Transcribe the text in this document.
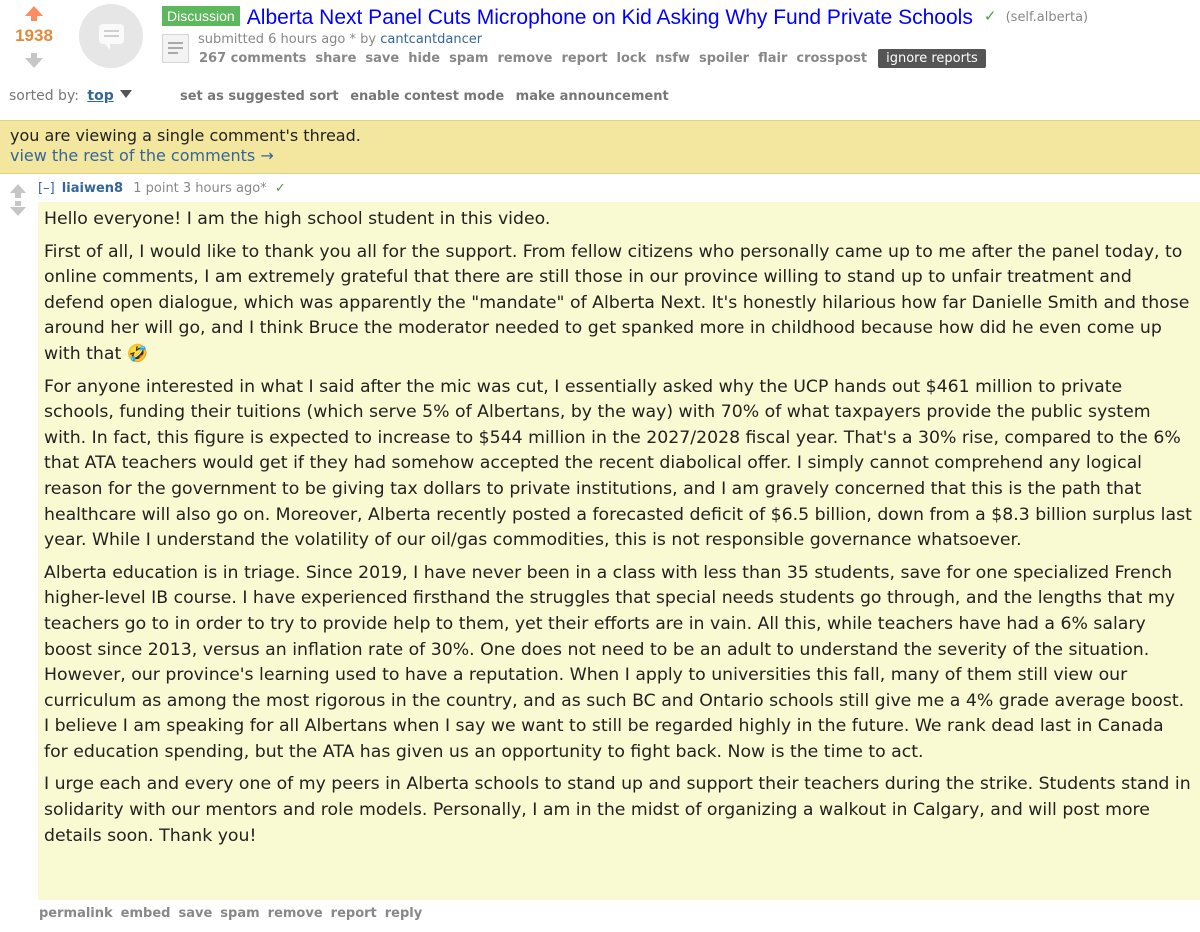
1938
Discussion Alberta Next Panel Cuts Microphone on Kid Asking Why Fund Private Schools ✓ (self.alberta)
submitted 6 hours ago * by cantcantdancer
267 comments share save hide spam remove report lock nsfw spoiler flair crosspost ignore reports
sorted by: top	set as suggested sort enable contest mode make announcement
you are viewing a single comment's thread.
view the rest of the comments →
[–] liaiwen8 1 point 3 hours ago* ✓

Hello everyone! I am the high school student in this video.

First of all, I would like to thank you all for the support. From fellow citizens who personally came up to me after the panel today, to online comments, I am extremely grateful that there are still those in our province willing to stand up to unfair treatment and defend open dialogue, which was apparently the "mandate" of Alberta Next. It's honestly hilarious how far Danielle Smith and those around her will go, and I think Bruce the moderator needed to get spanked more in childhood because how did he even come up with that 🤣

For anyone interested in what I said after the mic was cut, I essentially asked why the UCP hands out $461 million to private schools, funding their tuitions (which serve 5% of Albertans, by the way) with 70% of what taxpayers provide the public system with. In fact, this figure is expected to increase to $544 million in the 2027/2028 fiscal year. That's a 30% rise, compared to the 6% that ATA teachers would get if they had somehow accepted the recent diabolical offer. I simply cannot comprehend any logical reason for the government to be giving tax dollars to private institutions, and I am gravely concerned that this is the path that healthcare will also go on. Moreover, Alberta recently posted a forecasted deficit of $6.5 billion, down from a $8.3 billion surplus last year. While I understand the volatility of our oil/gas commodities, this is not responsible governance whatsoever.

Alberta education is in triage. Since 2019, I have never been in a class with less than 35 students, save for one specialized French higher-level IB course. I have experienced firsthand the struggles that special needs students go through, and the lengths that my teachers go to in order to try to provide help to them, yet their efforts are in vain. All this, while teachers have had a 6% salary boost since 2013, versus an inflation rate of 30%. One does not need to be an adult to understand the severity of the situation. However, our province's learning used to have a reputation. When I apply to universities this fall, many of them still view our curriculum as among the most rigorous in the country, and as such BC and Ontario schools still give me a 4% grade average boost. I believe I am speaking for all Albertans when I say we want to still be regarded highly in the future. We rank dead last in Canada for education spending, but the ATA has given us an opportunity to fight back. Now is the time to act.

I urge each and every one of my peers in Alberta schools to stand up and support their teachers during the strike. Students stand in solidarity with our mentors and role models. Personally, I am in the midst of organizing a walkout in Calgary, and will post more details soon. Thank you!

permalink embed save spam remove report reply
